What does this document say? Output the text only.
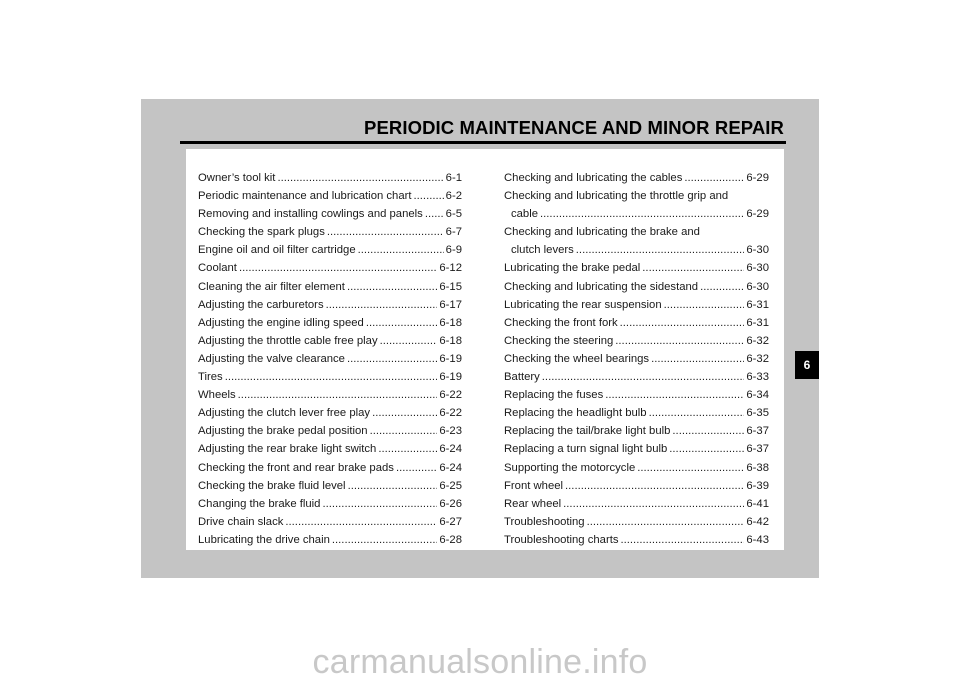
PERIODIC MAINTENANCE AND MINOR REPAIR
Owner’s tool kit .....	6-1
Periodic maintenance and lubrication chart .....	6-2
Removing and installing cowlings and panels ..... 6-5
Checking the spark plugs .....	6-7
Engine oil and oil filter cartridge .....	6-9
Coolant .....	6-12
Cleaning the air filter element .....	6-15
Adjusting the carburetors .....	6-17
Adjusting the engine idling speed .....	6-18
Adjusting the throttle cable free play .....	6-18
Adjusting the valve clearance .....	6-19
Tires .....	6-19
Wheels .....	6-22
Adjusting the clutch lever free play .....	6-22
Adjusting the brake pedal position .....	6-23
Adjusting the rear brake light switch .....	6-24
Checking the front and rear brake pads .....	6-24
Checking the brake fluid level .....	6-25
Changing the brake fluid .....	6-26
Drive chain slack .....	6-27
Lubricating the drive chain .....	6-28
Checking and lubricating the cables .....	6-29
Checking and lubricating the throttle grip and
cable .....	6-29
Checking and lubricating the brake and
clutch levers .....	6-30
Lubricating the brake pedal .....	6-30
Checking and lubricating the sidestand .....	6-30
Lubricating the rear suspension .....	6-31
Checking the front fork .....	6-31
Checking the steering .....	6-32
Checking the wheel bearings .....	6-32
Battery .....	6-33
Replacing the fuses .....	6-34
Replacing the headlight bulb .....	6-35
Replacing the tail/brake light bulb .....	6-37
Replacing a turn signal light bulb .....	6-37
Supporting the motorcycle .....	6-38
Front wheel .....	6-39
Rear wheel .....	6-41
Troubleshooting .....	6-42
Troubleshooting charts .....	6-43
6
carmanualsonline.info
